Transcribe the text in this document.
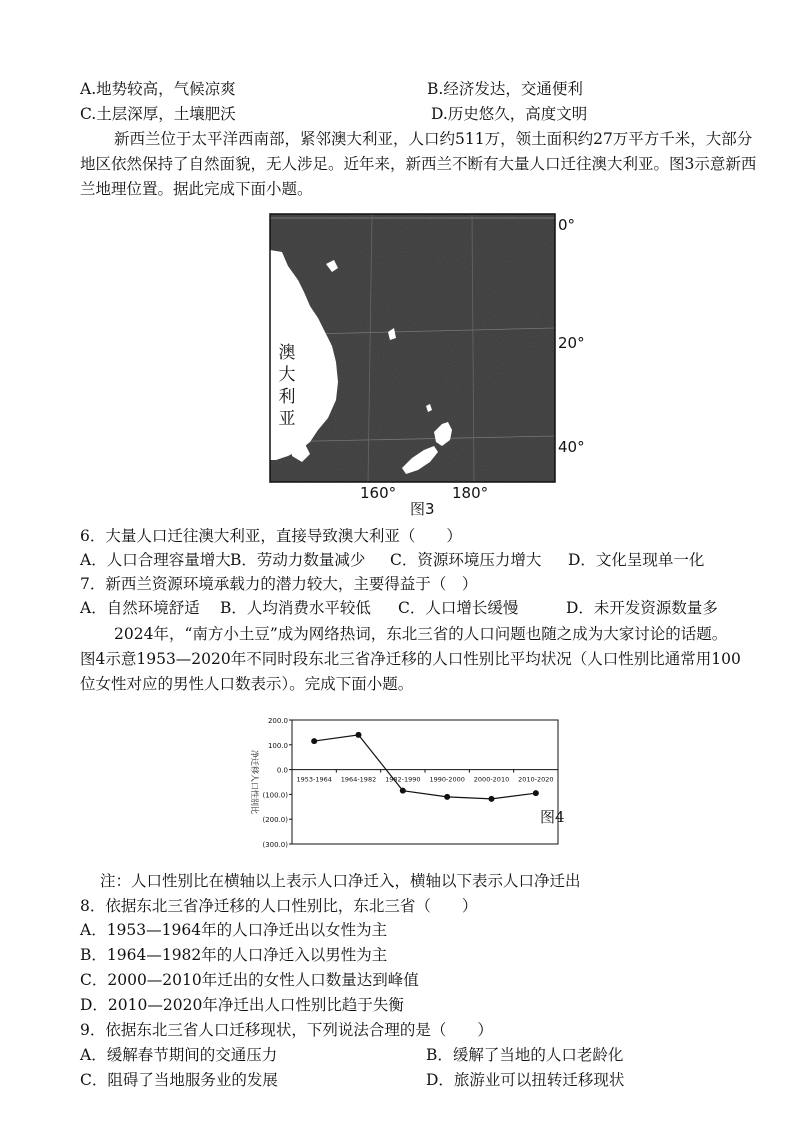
A.地势较高，气候凉爽	B.经济发达，交通便利
C.土层深厚，土壤肥沃	D.历史悠久，高度文明
新西兰位于太平洋西南部，紧邻澳大利亚，人口约511万，领土面积约27万平方千米，大部分
地区依然保持了自然面貌，无人涉足。近年来，新西兰不断有大量人口迁往澳大利亚。图3示意新西
兰地理位置。据此完成下面小题。
澳
大
利
亚
0°
20°
40°
160°	180°
图3
6．大量人口迁往澳大利亚，直接导致澳大利亚（　　）
A．人口合理容量增大 B．劳动力数量减少 C．资源环境压力增大 D．文化呈现单一化
7．新西兰资源环境承载力的潜力较大，主要得益于（　）
A．自然环境舒适 B．人均消费水平较低 C．人口增长缓慢	D．未开发资源数量多
2024年，“南方小土豆”成为网络热词，东北三省的人口问题也随之成为大家讨论的话题。
图4示意1953—2020年不同时段东北三省净迁移的人口性别比平均状况（人口性别比通常用100
位女性对应的男性人口数表示）。完成下面小题。
200.0
100.0
0.0
(100.0)
(200.0)
(300.0)
1953-1964 1964-1982 1982-1990 1990-2000 2000-2010 2010-2020
净迁移人口性别比
图4
注：人口性别比在横轴以上表示人口净迁入，横轴以下表示人口净迁出
8．依据东北三省净迁移的人口性别比，东北三省（　　）
A．1953—1964年的人口净迁出以女性为主
B．1964—1982年的人口净迁入以男性为主
C．2000—2010年迁出的女性人口数量达到峰值
D．2010—2020年净迁出人口性别比趋于失衡
9．依据东北三省人口迁移现状，下列说法合理的是（　　）
A．缓解春节期间的交通压力	B．缓解了当地的人口老龄化
C．阻碍了当地服务业的发展	D．旅游业可以扭转迁移现状
